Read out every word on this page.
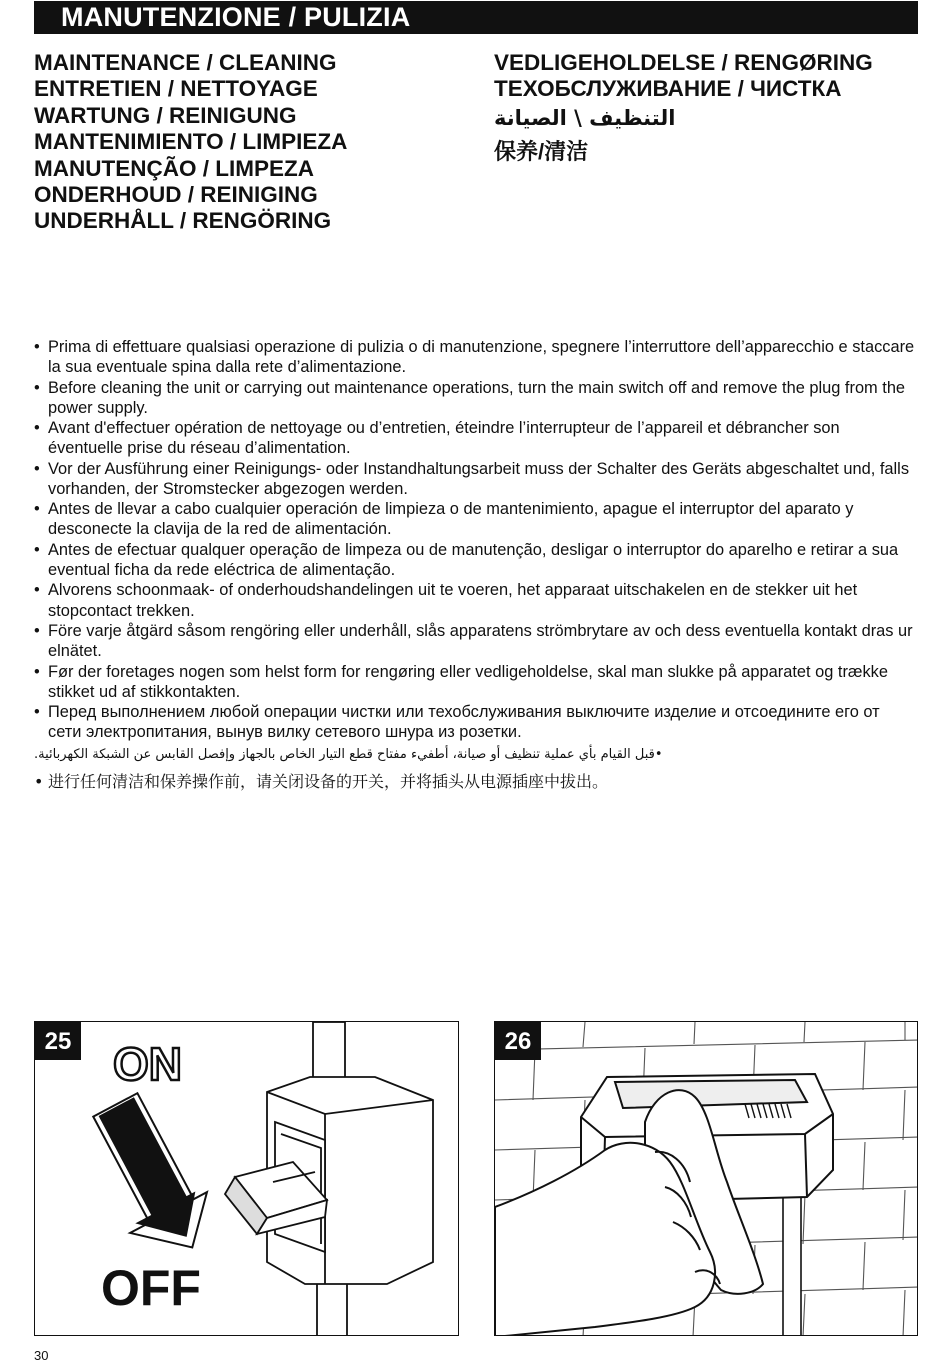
MANUTENZIONE / PULIZIA
MAINTENANCE / CLEANING
ENTRETIEN / NETTOYAGE
WARTUNG / REINIGUNG
MANTENIMIENTO / LIMPIEZA
MANUTENÇÃO / LIMPEZA
ONDERHOUD / REINIGING
UNDERHÅLL / RENGÖRING
VEDLIGEHOLDELSE / RENGØRING
ТЕХОБСЛУЖИВАНИЕ / ЧИСТКА
التنظيف \ الصيانة
保养/清洁
• Prima di effettuare qualsiasi operazione di pulizia o di manutenzione, spegnere l’interruttore dell’apparecchio e staccare la sua eventuale spina dalla rete d’alimentazione.
• Before cleaning the unit or carrying out maintenance operations, turn the main switch off and remove the plug from the power supply.
• Avant d'effectuer opération de nettoyage ou d’entretien, éteindre l’interrupteur de l’appareil et débrancher son éventuelle prise du réseau d’alimentation.
• Vor der Ausführung einer Reinigungs- oder Instandhaltungsarbeit muss der Schalter des Geräts abgeschaltet und, falls vorhanden, der Stromstecker abgezogen werden.
• Antes de llevar a cabo cualquier operación de limpieza o de mantenimiento, apague el interruptor del aparato y desconecte la clavija de la red de alimentación.
• Antes de efectuar qualquer operação de limpeza ou de manutenção, desligar o interruptor do aparelho e retirar a sua eventual ficha da rede eléctrica de alimentação.
• Alvorens schoonmaak- of onderhoudshandelingen uit te voeren, het apparaat uitschakelen en de stekker uit het stopcontact trekken.
• Före varje åtgärd såsom rengöring eller underhåll, slås apparatens strömbrytare av och dess eventuella kontakt dras ur elnätet.
• Før der foretages nogen som helst form for rengøring eller vedligeholdelse, skal man slukke på apparatet og trække stikket ud af stikkontakten.
• Перед выполнением любой операции чистки или техобслуживания выключите изделие и отсоедините его от сети электропитания, вынув вилку сетевого шнура из розетки.
•قبل القيام بأي عملية تنظيف أو صيانة، أطفيء مفتاح قطع التيار الخاص بالجهاز وإفصل القابس عن الشبكة الكهربائية.
• 进行任何清洁和保养操作前，请关闭设备的开关，并将插头从电源插座中拔出。
25 ON
OFF
26
30
